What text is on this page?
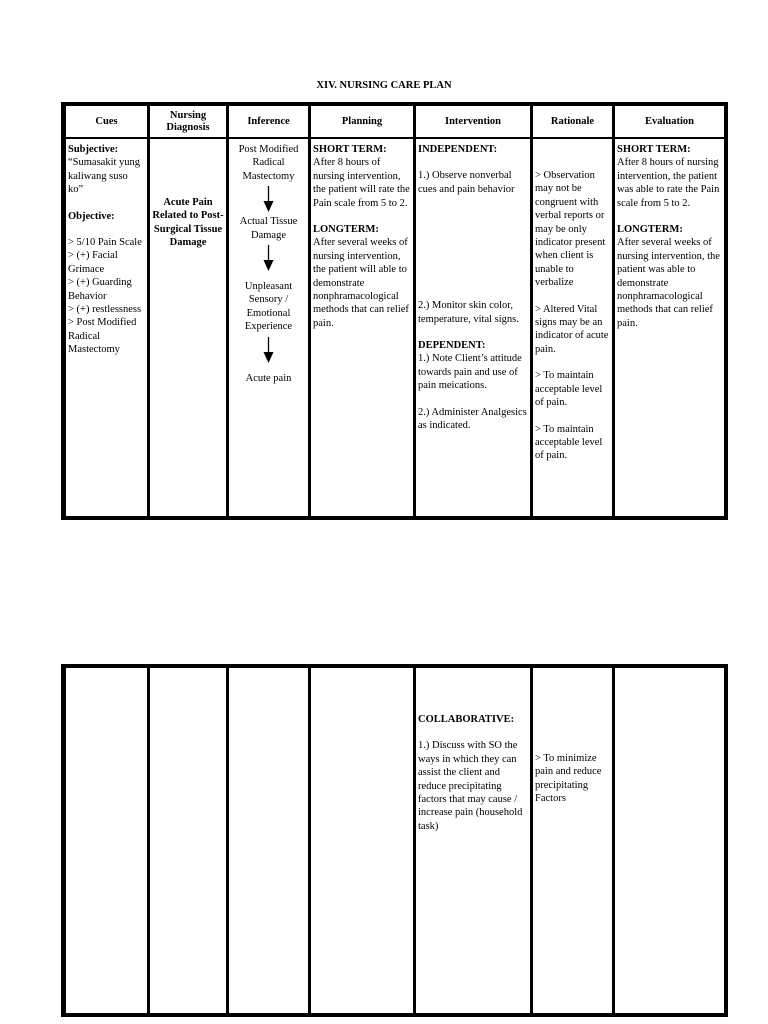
XIV. NURSING CARE PLAN
Cues

Subjective:

“Sumasakit yung kaliwang suso ko”

Objective:

> 5/10 Pain Scale

> (+) Facial Grimace

> (+) Guarding Behavior

> (+) restlessness

> Post Modified Radical Mastectomy

Nursing Diagnosis

Acute Pain Related to Post- Surgical Tissue Damage

Inference

Post Modified Radical Mastectomy

Actual Tissue Damage

Unpleasant Sensory / Emotional Experience

Acute pain

Planning

SHORT TERM:

After 8 hours of nursing intervention, the patient will rate the Pain scale from 5 to 2.

LONGTERM:

After several weeks of nursing intervention, the patient will able to demonstrate nonphramacological methods that can relief pain.

Intervention

INDEPENDENT:

1.) Observe nonverbal cues and pain behavior

2.) Monitor skin color, temperature, vital signs.

DEPENDENT:

1.) Note Client’s attitude towards pain and use of pain meications.

2.) Administer Analgesics as indicated.

Rationale

> Observation may not be congruent with verbal reports or may be only indicator present when client is unable to verbalize

> Altered Vital signs may be an indicator of acute pain.

> To maintain acceptable level of pain.

> To maintain acceptable level of pain.

Evaluation

SHORT TERM:

After 8 hours of nursing intervention, the patient was able to rate the Pain scale from 5 to 2.

LONGTERM:

After several weeks of nursing intervention, the patient was able to demonstrate nonphramacological methods that can relief pain.

COLLABORATIVE:

1.) Discuss with SO the ways in which they can assist the client and reduce precipitating factors that may cause / increase pain (household task)

> To minimize pain and reduce precipitating Factors
